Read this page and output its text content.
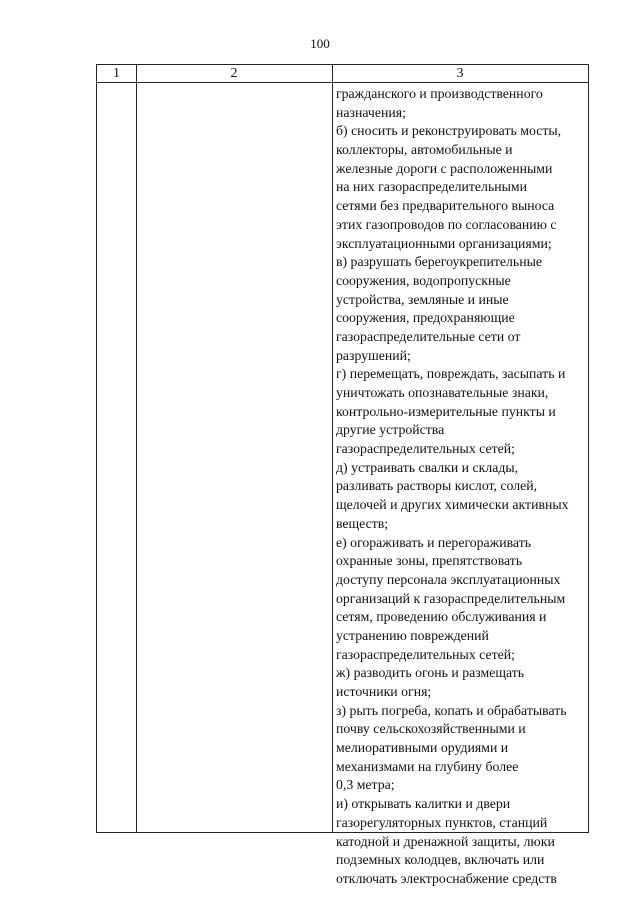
100
1	2	3
гражданского и производственного
назначения;
б) сносить и реконструировать мосты,
коллекторы, автомобильные и
железные дороги с расположенными
на них газораспределительными
сетями без предварительного выноса
этих газопроводов по согласованию с
эксплуатационными организациями;
в) разрушать берегоукрепительные
сооружения, водопропускные
устройства, земляные и иные
сооружения, предохраняющие
газораспределительные сети от
разрушений;
г) перемещать, повреждать, засыпать и
уничтожать опознавательные знаки,
контрольно-измерительные пункты и
другие устройства
газораспределительных сетей;
д) устраивать свалки и склады,
разливать растворы кислот, солей,
щелочей и других химически активных
веществ;
е) огораживать и перегораживать
охранные зоны, препятствовать
доступу персонала эксплуатационных
организаций к газораспределительным
сетям, проведению обслуживания и
устранению повреждений
газораспределительных сетей;
ж) разводить огонь и размещать
источники огня;
з) рыть погреба, копать и обрабатывать
почву сельскохозяйственными и
мелиоративными орудиями и
механизмами на глубину более
0,3 метра;
и) открывать калитки и двери
газорегуляторных пунктов, станций
катодной и дренажной защиты, люки
подземных колодцев, включать или
отключать электроснабжение средств
